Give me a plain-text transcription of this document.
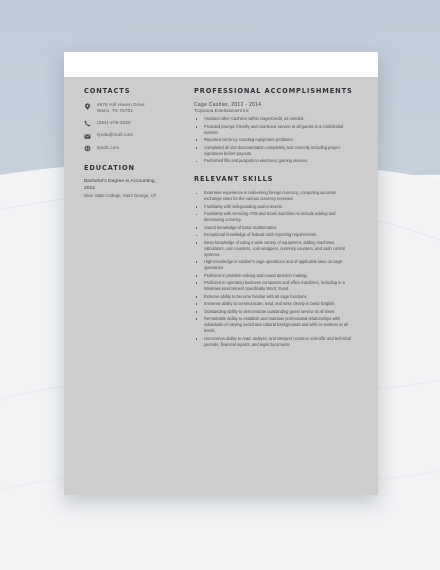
CONTACTS
4676 Hill Haven Drive
Waco, TX 76701
(254)-275-3165
lynda@mail.com
lynda.com
EDUCATION
Bachelor's Degree in Accounting, 2012
Dixie State College, Saint George, UT
PROFESSIONAL ACCOMPLISHMENTS
Cage Cashier, 2012 - 2014
Tropicana Entertainment Inc
Assisted other Cashiers within Cage/Credit, as needed.
Provided prompt, friendly and courteous service to all guests in a confidential manner.
Reported currency counting equipment problems.
Completed all slot documentation completely and correctly including proper signatures before payouts.
Performed fills and jackpots to electronic gaming devices.
RELEVANT SKILLS
Extensive experience in redeeming foreign currency, computing accurate exchange rates for the various currency received.
Familiarity with safeguarding casino assets.
Familiarity with servicing ATM and Kiosk machines to include adding and decreasing currency.
Sound knowledge of basic mathematics.
Exceptional knowledge of federal cash reporting requirements.
Deep knowledge of using a wide variety of equipment, adding machines, calculators, coin counters, coin wrappers, currency counters, and cash control systems.
High knowledge in cashier's cage operations and of applicable laws on cage operations
Proficient in problem-solving and sound decision-making.
Proficient in operating business computers and office machines, including in a Windows environment specifically Word, Excel.
Extreme ability to become familiar with all cage functions
Immense ability to communicate, read, and write clearly in basic English.
Outstanding ability to demonstrate outstanding guest service at all times
Remarkable ability to establish and maintain professional relationships with individuals of varying social and cultural backgrounds and with co-workers at all levels.
Uncommon ability to read, analyze, and interpret common scientific and technical journals, financial reports, and legal documents.
